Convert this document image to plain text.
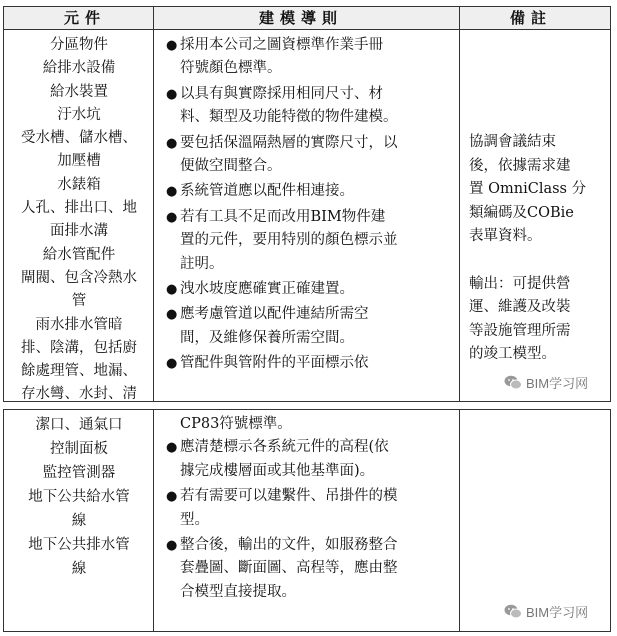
元件	建模導則	備註
分區物件
給排水設備
給水裝置
汙水坑
受水槽、儲水槽、
加壓槽
水錶箱
人孔、排出口、地
面排水溝
給水管配件
閘閥、包含冷熱水
管
雨水排水管暗
排、陰溝，包括廚
餘處理管、地漏、
存水彎、水封、清
● 採用本公司之圖資標準作業手冊
符號顏色標準。
● 以具有與實際採用相同尺寸、材
料、類型及功能特徵的物件建模。
● 要包括保溫隔熱層的實際尺寸，以
便做空間整合。
● 系統管道應以配件相連接。
● 若有工具不足而改用BIM物件建
置的元件，要用特別的顏色標示並
註明。
● 洩水坡度應確實正確建置。
● 應考慮管道以配件連結所需空
間，及維修保養所需空間。
● 管配件與管附件的平面標示依
協調會議結束
後，依據需求建
置 OmniClass 分
類編碼及COBie
表單資料。

輸出：可提供營
運、維護及改裝
等設施管理所需
的竣工模型。
BIM学习网
潔口、通氣口
控制面板
監控管測器
地下公共給水管
線
地下公共排水管
線
CP83符號標準。
● 應清楚標示各系統元件的高程(依
據完成樓層面或其他基準面)。
● 若有需要可以建繫件、吊掛件的模
型。
● 整合後，輸出的文件，如服務整合
套疊圖、斷面圖、高程等，應由整
合模型直接提取。
BIM学习网
